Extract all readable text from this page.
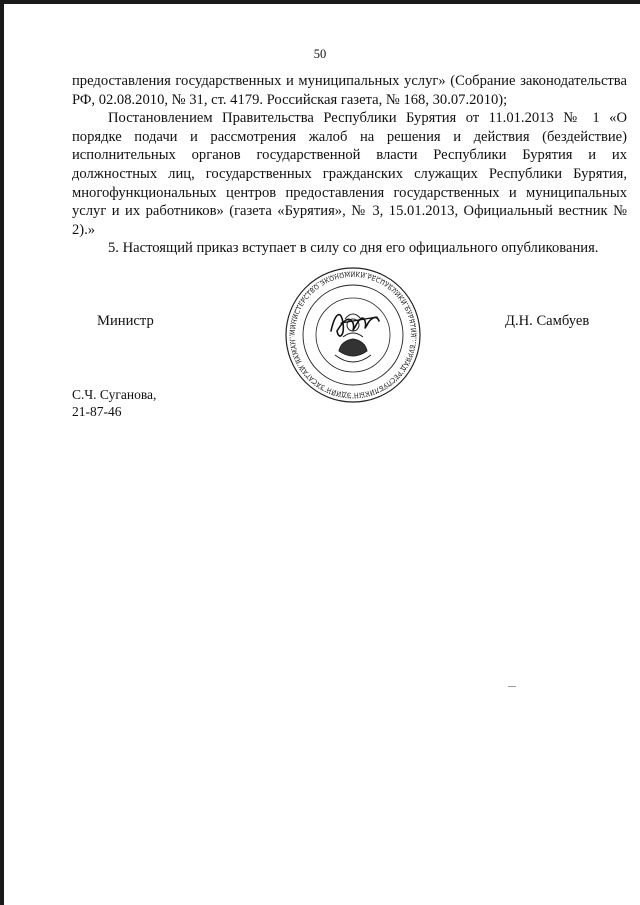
50

предоставления государственных и муниципальных услуг» (Собрание законодательства РФ, 02.08.2010, № 31, ст. 4179. Российская газета, № 168, 30.07.2010);

Постановлением Правительства Республики Бурятия от 11.01.2013 № 1 «О порядке подачи и рассмотрения жалоб на решения и действия (бездействие) исполнительных органов государственной власти Республики Бурятия и их должностных лиц, государственных гражданских служащих Республики Бурятия, многофункциональных центров предоставления государственных и муниципальных услуг и их работников» (газета «Бурятия», № 3, 15.01.2013, Официальный вестник № 2).»

5. Настоящий приказ вступает в силу со дня его официального опубликования.

МИНИСТЕРСТВО ЭКОНОМИКИ РЕСПУБЛИКИ БУРЯТИЯ · БУРЯАД РЕСПУБЛИКЫН ЭДИЙН ЗАСАГАЙ ЯАМАН ·
Министр	Д.Н. Самбуев
С.Ч. Суганова,
21-87-46
